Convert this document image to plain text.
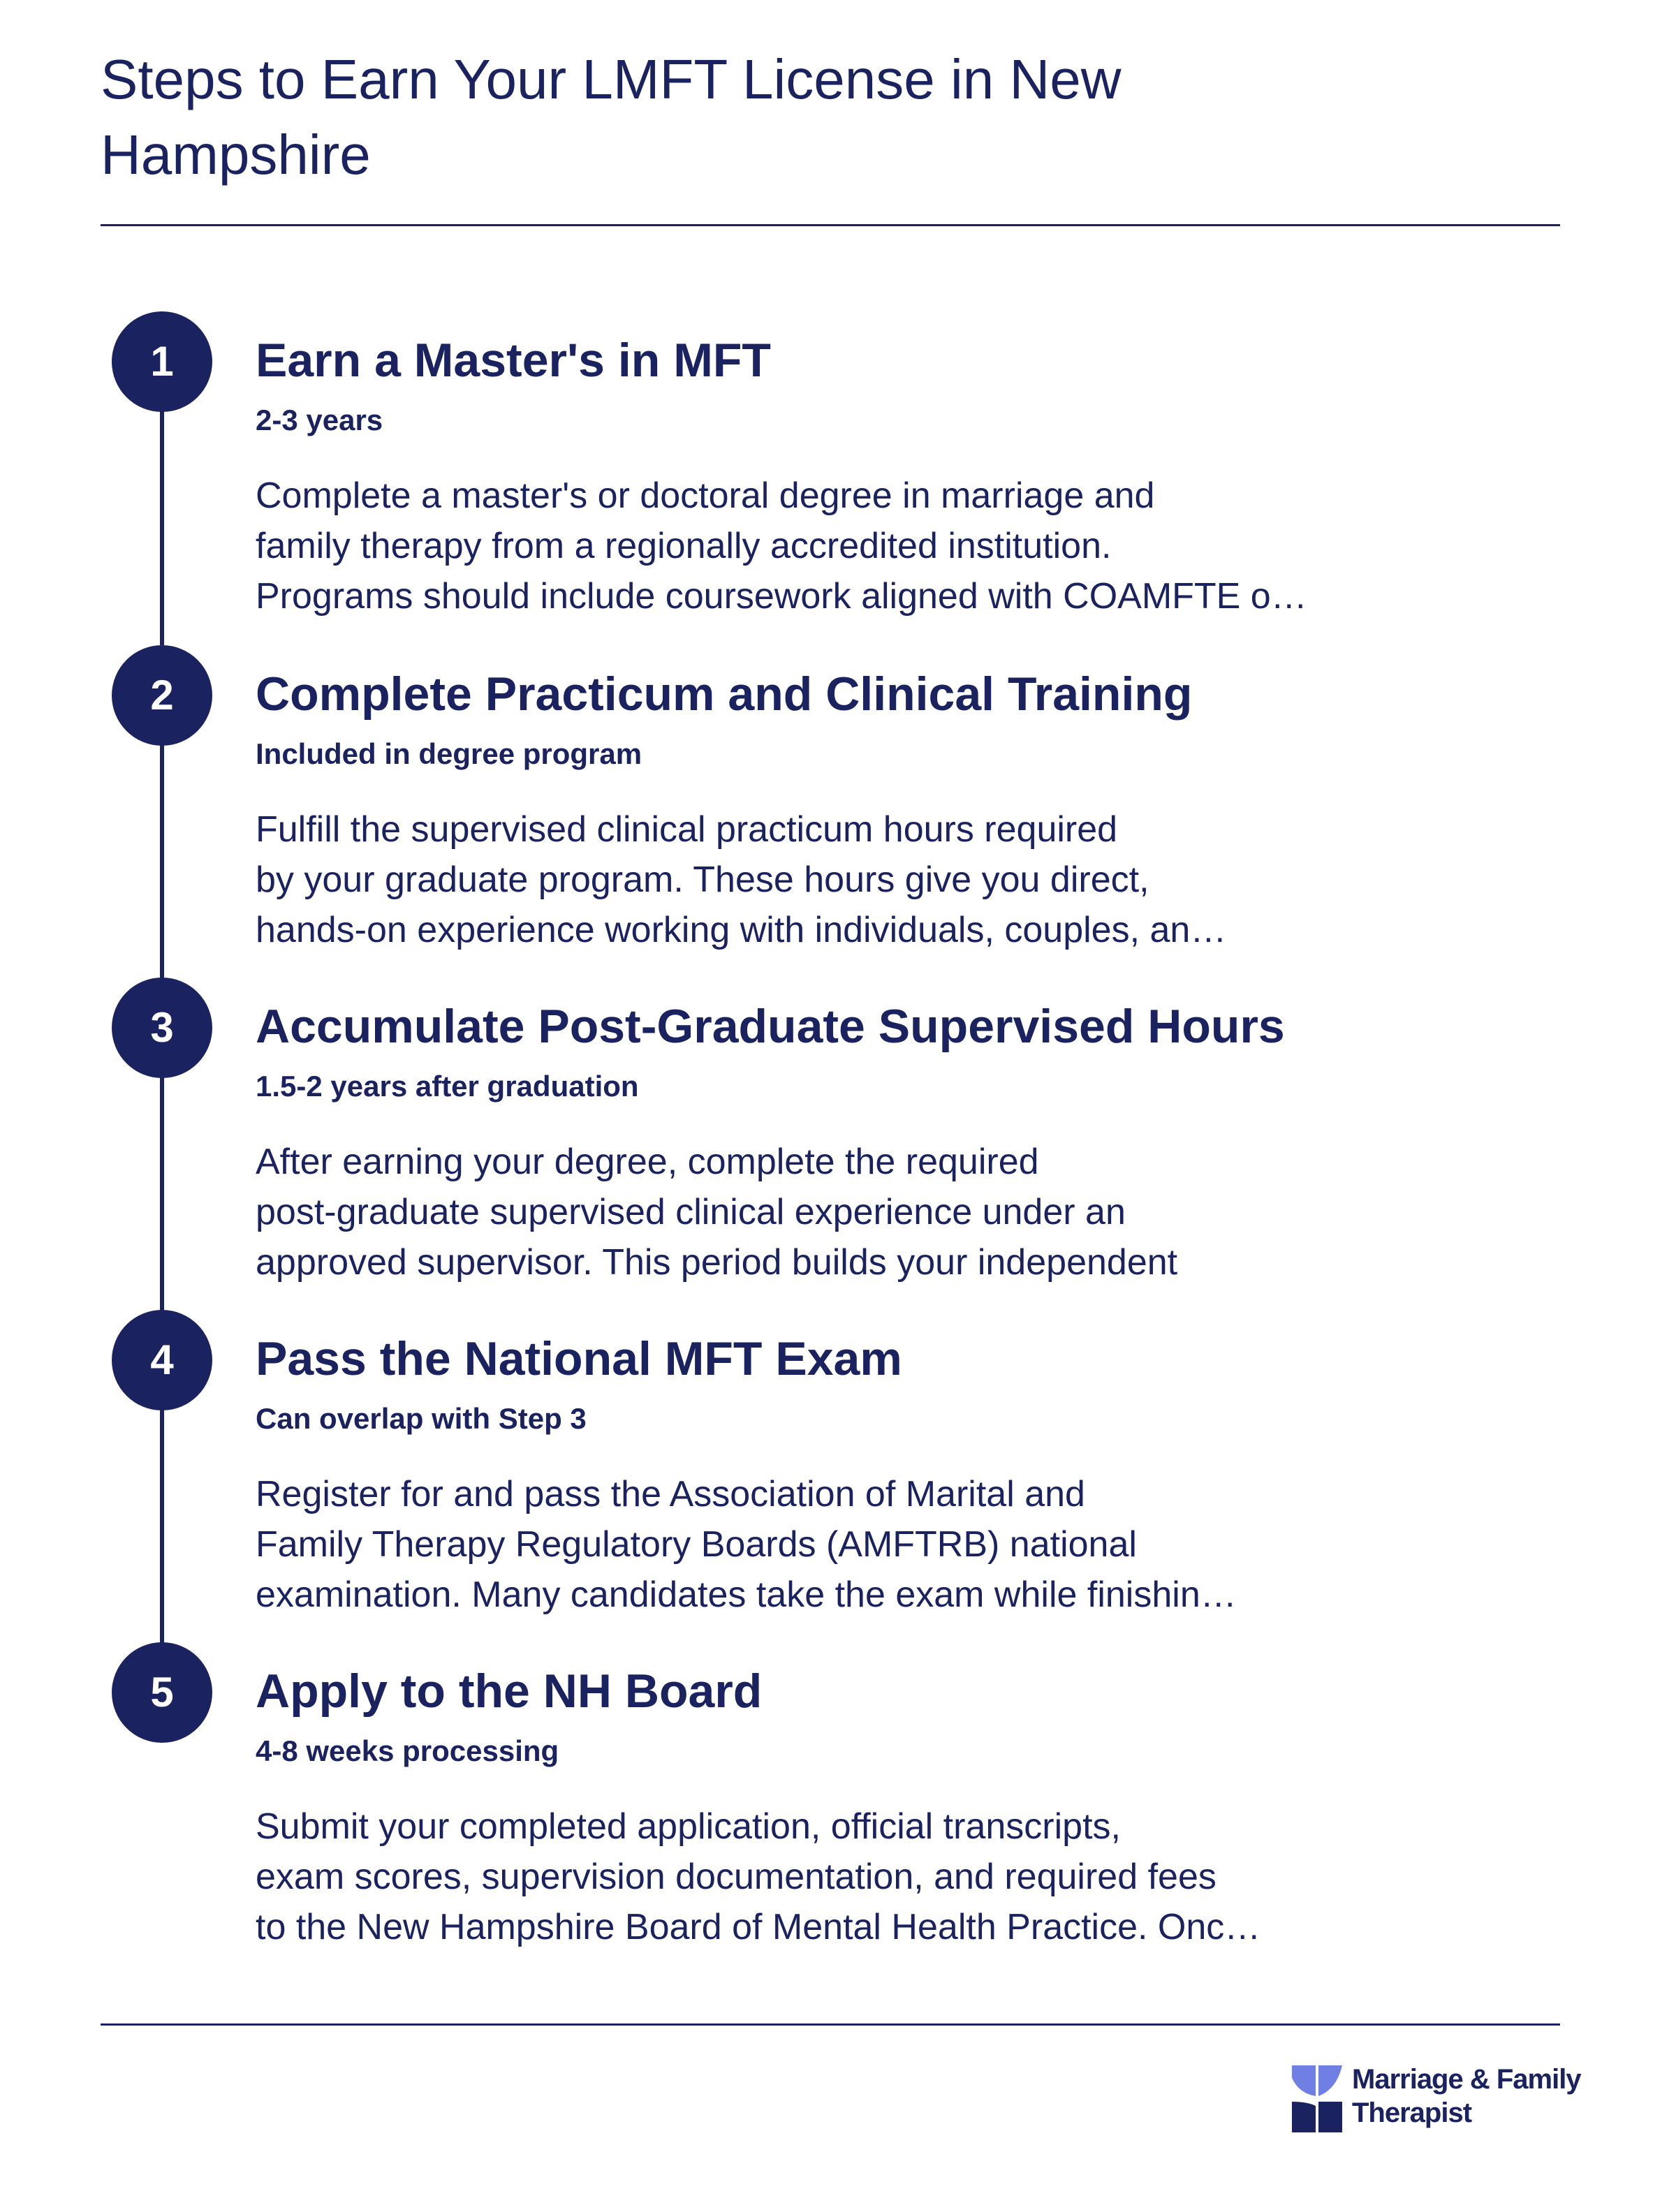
Steps to Earn Your LMFT License in New Hampshire
1	Earn a Master's in MFT
2-3 years

Complete a master's or doctoral degree in marriage and
family therapy from a regionally accredited institution.
Programs should include coursework aligned with COAMFTE o…

2	Complete Practicum and Clinical Training
Included in degree program

Fulfill the supervised clinical practicum hours required
by your graduate program. These hours give you direct,
hands-on experience working with individuals, couples, an…

3	Accumulate Post-Graduate Supervised Hours
1.5-2 years after graduation

After earning your degree, complete the required
post-graduate supervised clinical experience under an
approved supervisor. This period builds your independent

4	Pass the National MFT Exam
Can overlap with Step 3

Register for and pass the Association of Marital and
Family Therapy Regulatory Boards (AMFTRB) national
examination. Many candidates take the exam while finishin…

5	Apply to the NH Board
4-8 weeks processing

Submit your completed application, official transcripts,
exam scores, supervision documentation, and required fees
to the New Hampshire Board of Mental Health Practice. Onc…

Marriage & Family
Therapist
